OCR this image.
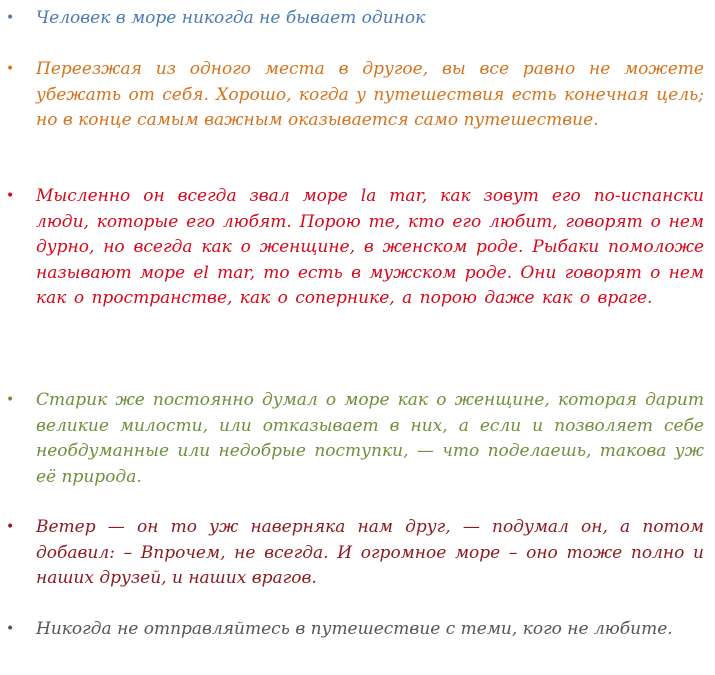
• Человек в море никогда не бывает одинок

• Переезжая из одного места в другое, вы все равно не можете убежать от себя. Хорошо, когда у путешествия есть конечная цель; но в конце самым важным оказывается само путешествие.

• Мысленно он всегда звал море la mar, как зовут его по-испански люди, которые его любят. Порою те, кто его любит, говорят о нем дурно, но всегда как о женщине, в женском роде. Рыбаки помоложе называют море el mar, то есть в мужском роде. Они говорят о нем как о пространстве, как о сопернике, а порою даже как о враге.

• Старик же постоянно думал о море как о женщине, которая дарит великие милости, или отказывает в них, а если и позволяет себе необдуманные или недобрые поступки, — что поделаешь, такова уж её природа.

• Ветер — он то уж наверняка нам друг, — подумал он, а потом добавил: – Впрочем, не всегда. И огромное море – оно тоже полно и наших друзей, и наших врагов.

• Никогда не отправляйтесь в путешествие с теми, кого не любите.
